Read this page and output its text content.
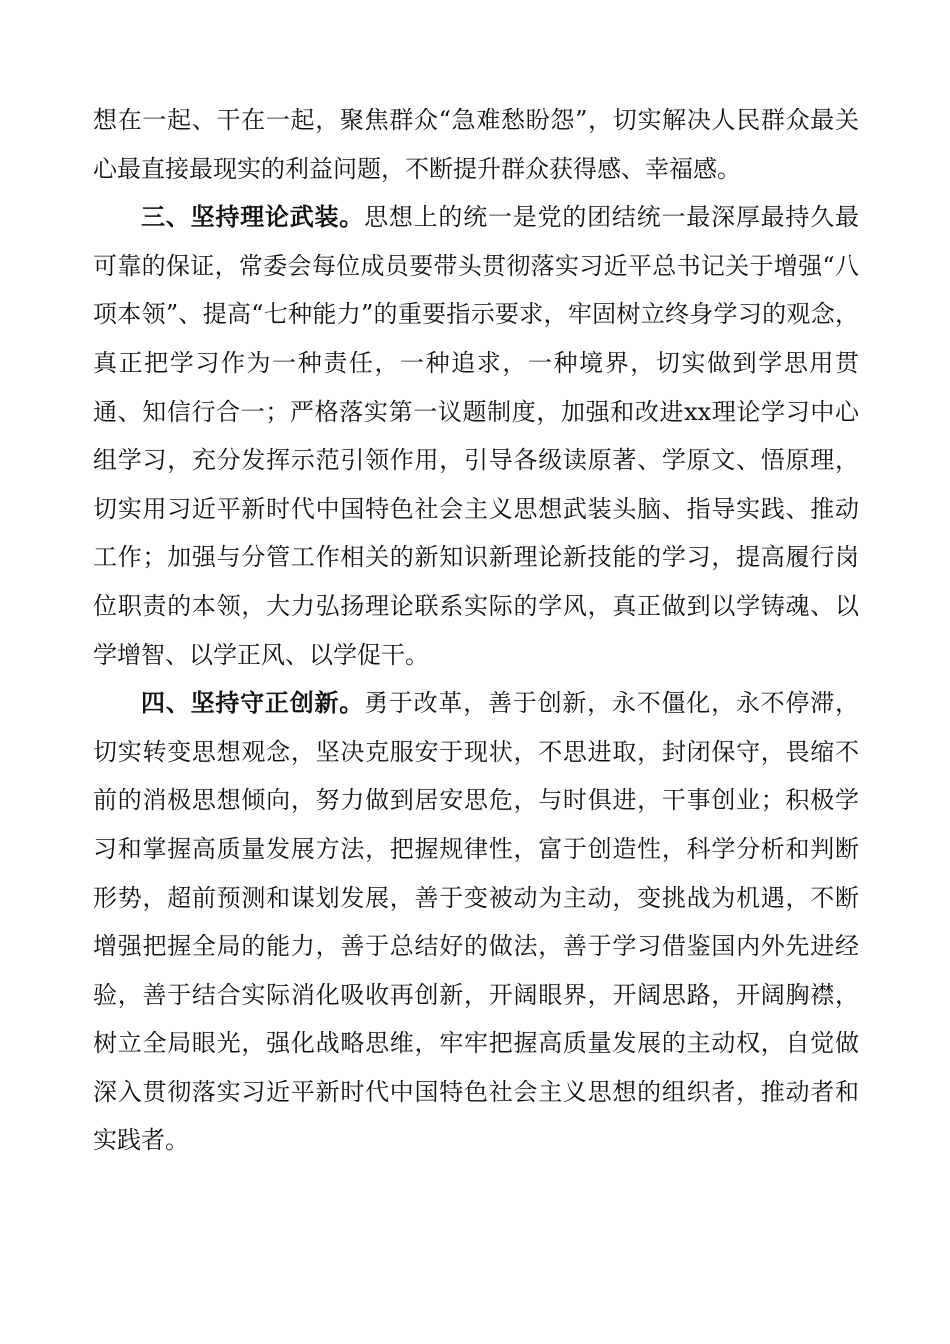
想在一起、干在一起，聚焦群众“急难愁盼怨”，切实解决人民群众最关心最直接最现实的利益问题，不断提升群众获得感、幸福感。

三、坚持理论武装。思想上的统一是党的团结统一最深厚最持久最可靠的保证，常委会每位成员要带头贯彻落实习近平总书记关于增强“八项本领”、提高“七种能力”的重要指示要求，牢固树立终身学习的观念，真正把学习作为一种责任，一种追求，一种境界，切实做到学思用贯通、知信行合一；严格落实第一议题制度，加强和改进xx理论学习中心组学习，充分发挥示范引领作用，引导各级读原著、学原文、悟原理，切实用习近平新时代中国特色社会主义思想武装头脑、指导实践、推动工作；加强与分管工作相关的新知识新理论新技能的学习，提高履行岗位职责的本领，大力弘扬理论联系实际的学风，真正做到以学铸魂、以学增智、以学正风、以学促干。

四、坚持守正创新。勇于改革，善于创新，永不僵化，永不停滞，切实转变思想观念，坚决克服安于现状，不思进取，封闭保守，畏缩不前的消极思想倾向，努力做到居安思危，与时俱进，干事创业；积极学习和掌握高质量发展方法，把握规律性，富于创造性，科学分析和判断形势，超前预测和谋划发展，善于变被动为主动，变挑战为机遇，不断增强把握全局的能力，善于总结好的做法，善于学习借鉴国内外先进经验，善于结合实际消化吸收再创新，开阔眼界，开阔思路，开阔胸襟，树立全局眼光，强化战略思维，牢牢把握高质量发展的主动权，自觉做深入贯彻落实习近平新时代中国特色社会主义思想的组织者，推动者和实践者。
